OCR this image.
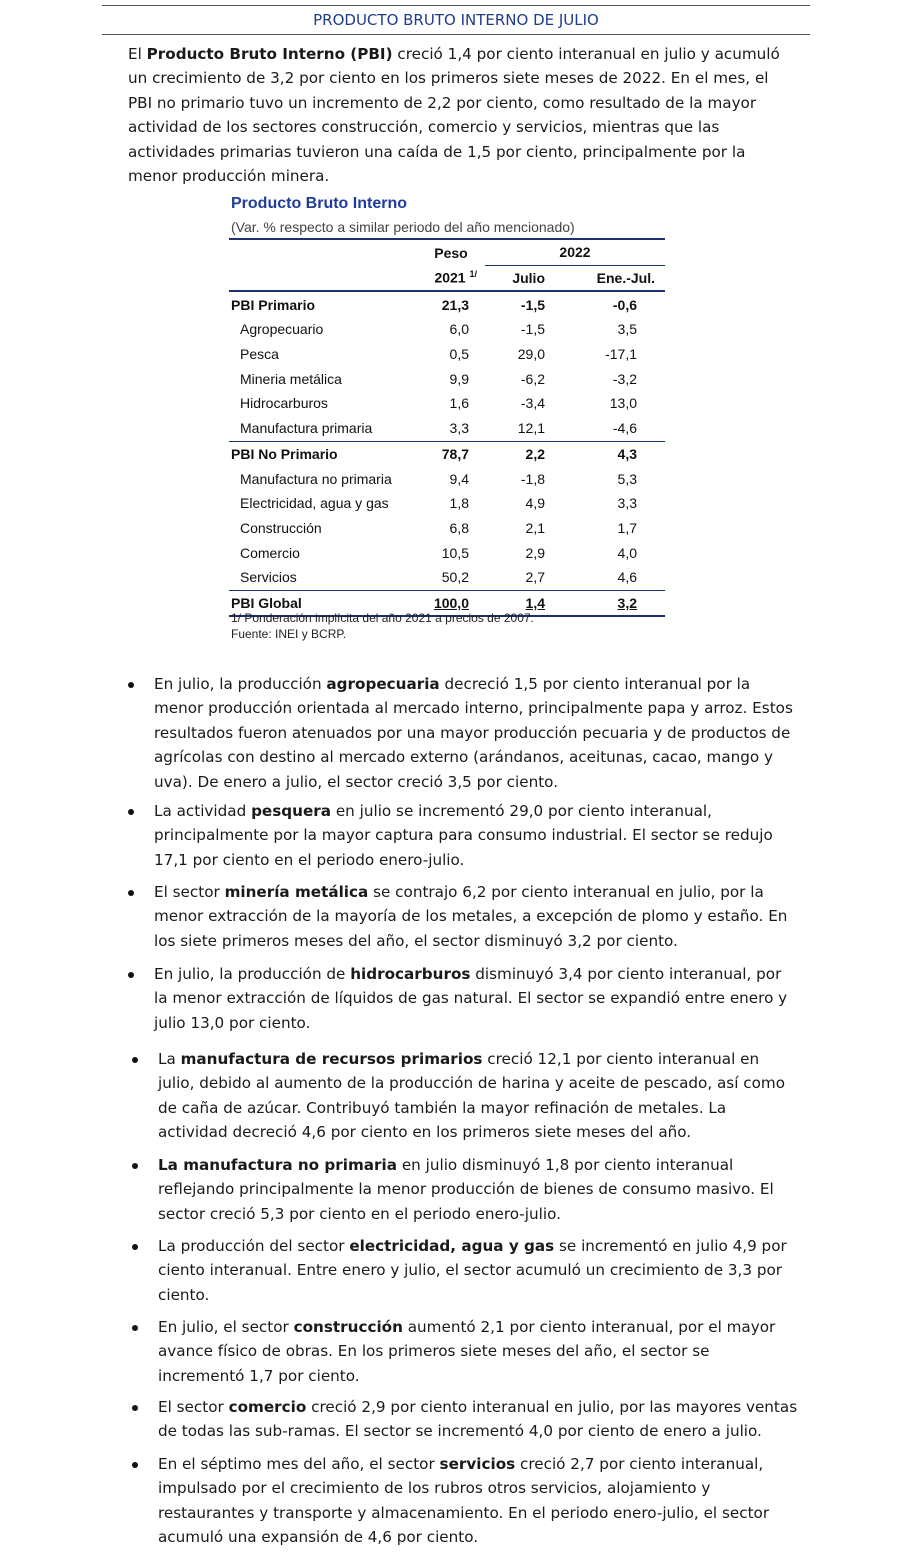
PRODUCTO BRUTO INTERNO DE JULIO

El Producto Bruto Interno (PBI) creció 1,4 por ciento interanual en julio y acumuló un crecimiento de 3,2 por ciento en los primeros siete meses de 2022. En el mes, el PBI no primario tuvo un incremento de 2,2 por ciento, como resultado de la mayor actividad de los sectores construcción, comercio y servicios, mientras que las actividades primarias tuvieron una caída de 1,5 por ciento, principalmente por la menor producción minera.

Producto Bruto Interno
(Var. % respecto a similar periodo del año mencionado)
	Peso	2022	
	2021 $^{1/}$	Julio	Ene.-Jul.
PBI Primario	21,3	-1,5	-0,6
Agropecuario	6,0	-1,5	3,5
Pesca	0,5	29,0	-17,1
Mineria metálica	9,9	-6,2	-3,2
Hidrocarburos	1,6	-3,4	13,0
Manufactura primaria	3,3	12,1	-4,6
PBI No Primario	78,7	2,2	4,3
Manufactura no primaria	9,4	-1,8	5,3
Electricidad, agua y gas	1,8	4,9	3,3
Construcción	6,8	2,1	1,7
Comercio	10,5	2,9	4,0
Servicios	50,2	2,7	4,6
PBI Global	100,0	1,4	3,2
1/ Ponderación implícita del año 2021 a precios de 2007.
Fuente: INEI y BCRP.
En julio, la producción agropecuaria decreció 1,5 por ciento interanual por la menor producción orientada al mercado interno, principalmente papa y arroz. Estos resultados fueron atenuados por una mayor producción pecuaria y de productos de agrícolas con destino al mercado externo (arándanos, aceitunas, cacao, mango y uva). De enero a julio, el sector creció 3,5 por ciento.
La actividad pesquera en julio se incrementó 29,0 por ciento interanual, principalmente por la mayor captura para consumo industrial. El sector se redujo 17,1 por ciento en el periodo enero-julio.
El sector minería metálica se contrajo 6,2 por ciento interanual en julio, por la menor extracción de la mayoría de los metales, a excepción de plomo y estaño. En los siete primeros meses del año, el sector disminuyó 3,2 por ciento.
En julio, la producción de hidrocarburos disminuyó 3,4 por ciento interanual, por la menor extracción de líquidos de gas natural. El sector se expandió entre enero y julio 13,0 por ciento.
La manufactura de recursos primarios creció 12,1 por ciento interanual en julio, debido al aumento de la producción de harina y aceite de pescado, así como de caña de azúcar. Contribuyó también la mayor refinación de metales. La actividad decreció 4,6 por ciento en los primeros siete meses del año.
La manufactura no primaria en julio disminuyó 1,8 por ciento interanual reflejando principalmente la menor producción de bienes de consumo masivo. El sector creció 5,3 por ciento en el periodo enero-julio.
La producción del sector electricidad, agua y gas se incrementó en julio 4,9 por ciento interanual. Entre enero y julio, el sector acumuló un crecimiento de 3,3 por ciento.
En julio, el sector construcción aumentó 2,1 por ciento interanual, por el mayor avance físico de obras. En los primeros siete meses del año, el sector se incrementó 1,7 por ciento.
El sector comercio creció 2,9 por ciento interanual en julio, por las mayores ventas de todas las sub-ramas. El sector se incrementó 4,0 por ciento de enero a julio.
En el séptimo mes del año, el sector servicios creció 2,7 por ciento interanual, impulsado por el crecimiento de los rubros otros servicios, alojamiento y restaurantes y transporte y almacenamiento. En el periodo enero-julio, el sector acumuló una expansión de 4,6 por ciento.
